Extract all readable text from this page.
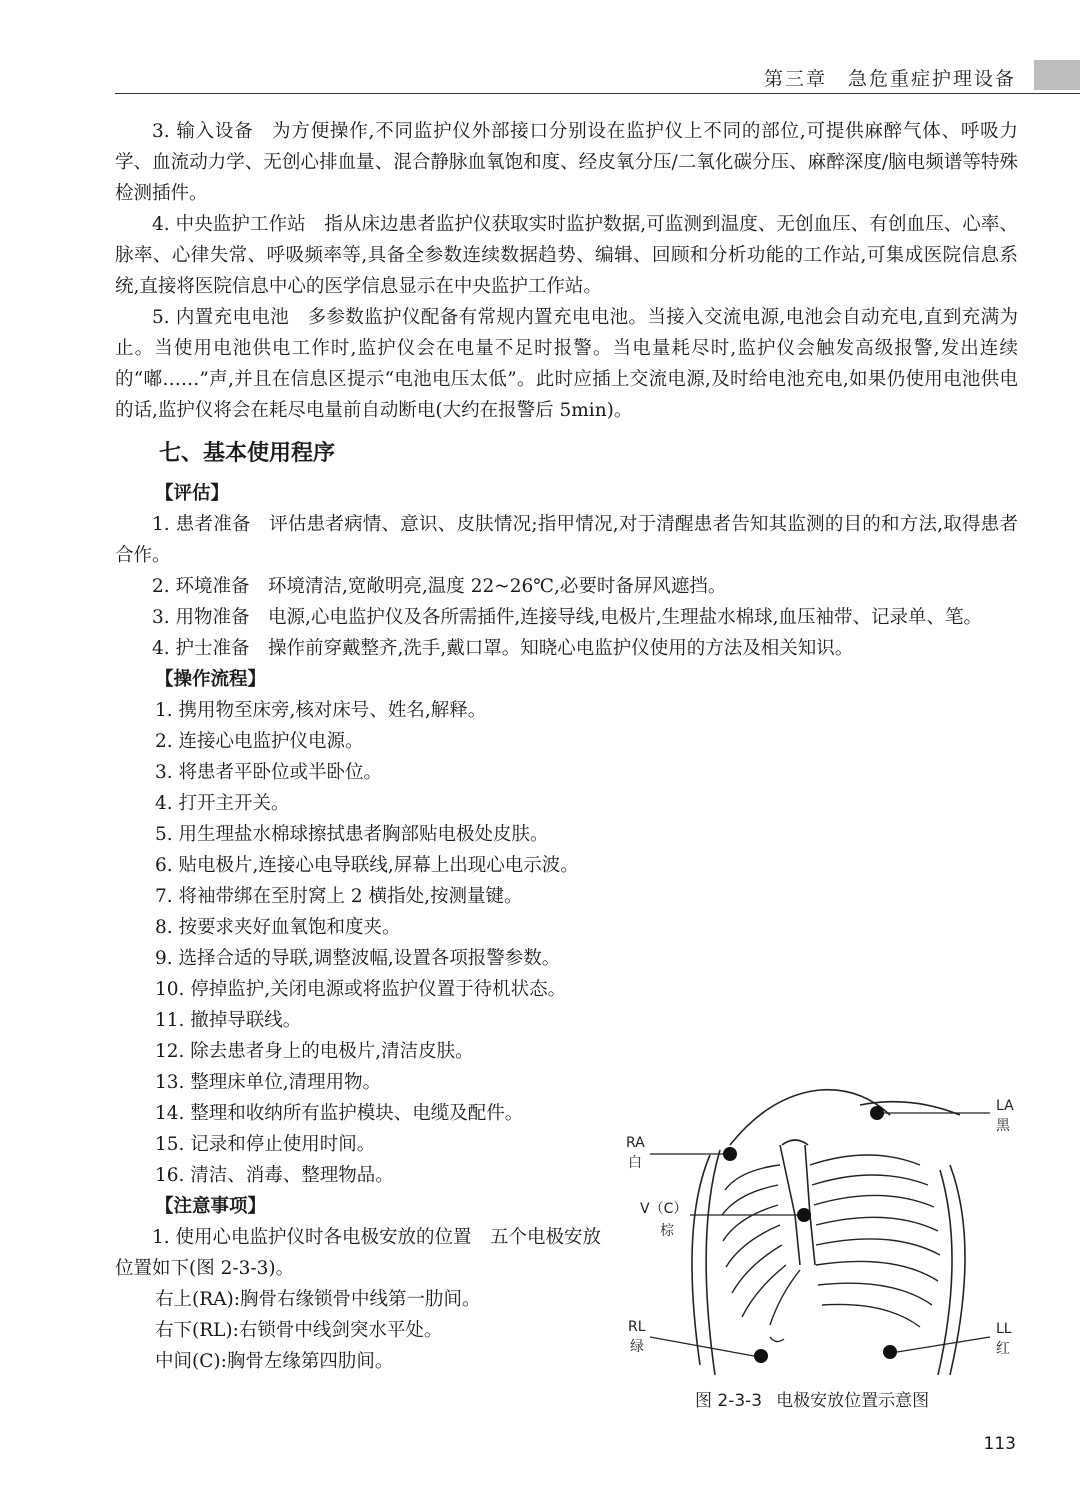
第三章　急危重症护理设备

3. 输入设备 为方便操作,不同监护仪外部接口分别设在监护仪上不同的部位,可提供麻醉气体、呼吸力学、血流动力学、无创心排血量、混合静脉血氧饱和度、经皮氧分压/二氧化碳分压、麻醉深度/脑电频谱等特殊检测插件。

4. 中央监护工作站 指从床边患者监护仪获取实时监护数据,可监测到温度、无创血压、有创血压、心率、脉率、心律失常、呼吸频率等,具备全参数连续数据趋势、编辑、回顾和分析功能的工作站,可集成医院信息系统,直接将医院信息中心的医学信息显示在中央监护工作站。

5. 内置充电电池 多参数监护仪配备有常规内置充电电池。当接入交流电源,电池会自动充电,直到充满为止。当使用电池供电工作时,监护仪会在电量不足时报警。当电量耗尽时,监护仪会触发高级报警,发出连续的“嘟……”声,并且在信息区提示“电池电压太低”。此时应插上交流电源,及时给电池充电,如果仍使用电池供电的话,监护仪将会在耗尽电量前自动断电(大约在报警后 5min)。

七、基本使用程序
【评估】

1. 患者准备 评估患者病情、意识、皮肤情况;指甲情况,对于清醒患者告知其监测的目的和方法,取得患者合作。

2. 环境准备 环境清洁,宽敞明亮,温度 22~26℃,必要时备屏风遮挡。

3. 用物准备 电源,心电监护仪及各所需插件,连接导线,电极片,生理盐水棉球,血压袖带、记录单、笔。

4. 护士准备 操作前穿戴整齐,洗手,戴口罩。知晓心电监护仪使用的方法及相关知识。

【操作流程】
1. 携用物至床旁,核对床号、姓名,解释。
2. 连接心电监护仪电源。
3. 将患者平卧位或半卧位。
4. 打开主开关。
5. 用生理盐水棉球擦拭患者胸部贴电极处皮肤。
6. 贴电极片,连接心电导联线,屏幕上出现心电示波。
7. 将袖带绑在至肘窝上 2 横指处,按测量键。
8. 按要求夹好血氧饱和度夹。
9. 选择合适的导联,调整波幅,设置各项报警参数。
10. 停掉监护,关闭电源或将监护仪置于待机状态。
11. 撤掉导联线。
12. 除去患者身上的电极片,清洁皮肤。
13. 整理床单位,清理用物。
14. 整理和收纳所有监护模块、电缆及配件。
15. 记录和停止使用时间。
16. 清洁、消毒、整理物品。
【注意事项】

1. 使用心电监护仪时各电极安放的位置 五个电极安放位置如下(图 2-3-3)。

右上(RA):胸骨右缘锁骨中线第一肋间。
右下(RL):右锁骨中线剑突水平处。
中间(C):胸骨左缘第四肋间。
LA
黑
RA
白
V（C）
棕
RL
绿
LL
红
图 2-3-3 电极安放位置示意图
113
